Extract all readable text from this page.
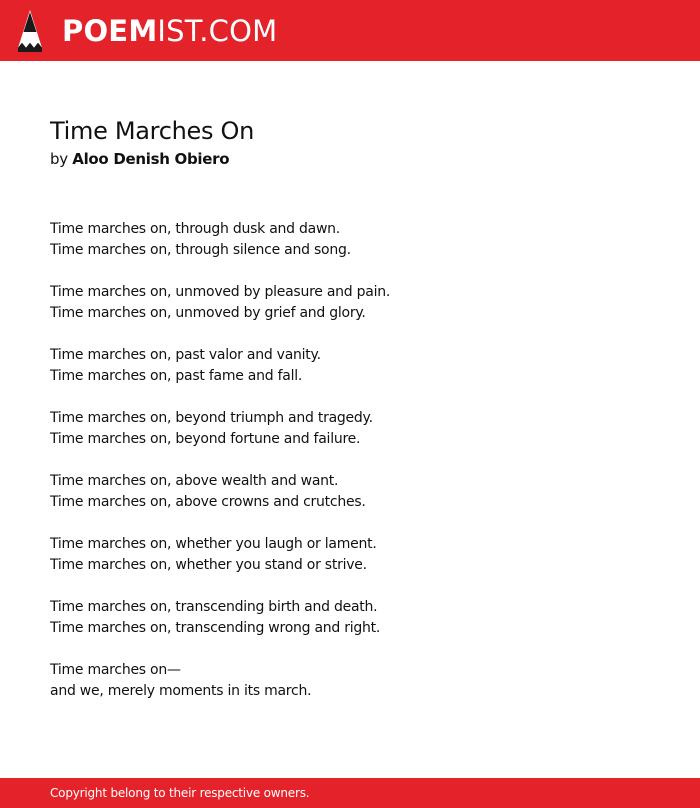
POEMIST.COM
Time Marches On
by Aloo Denish Obiero
Time marches on, through dusk and dawn.
Time marches on, through silence and song.
Time marches on, unmoved by pleasure and pain.
Time marches on, unmoved by grief and glory.
Time marches on, past valor and vanity.
Time marches on, past fame and fall.
Time marches on, beyond triumph and tragedy.
Time marches on, beyond fortune and failure.
Time marches on, above wealth and want.
Time marches on, above crowns and crutches.
Time marches on, whether you laugh or lament.
Time marches on, whether you stand or strive.
Time marches on, transcending birth and death.
Time marches on, transcending wrong and right.
Time marches on—
and we, merely moments in its march.
Copyright belong to their respective owners.
